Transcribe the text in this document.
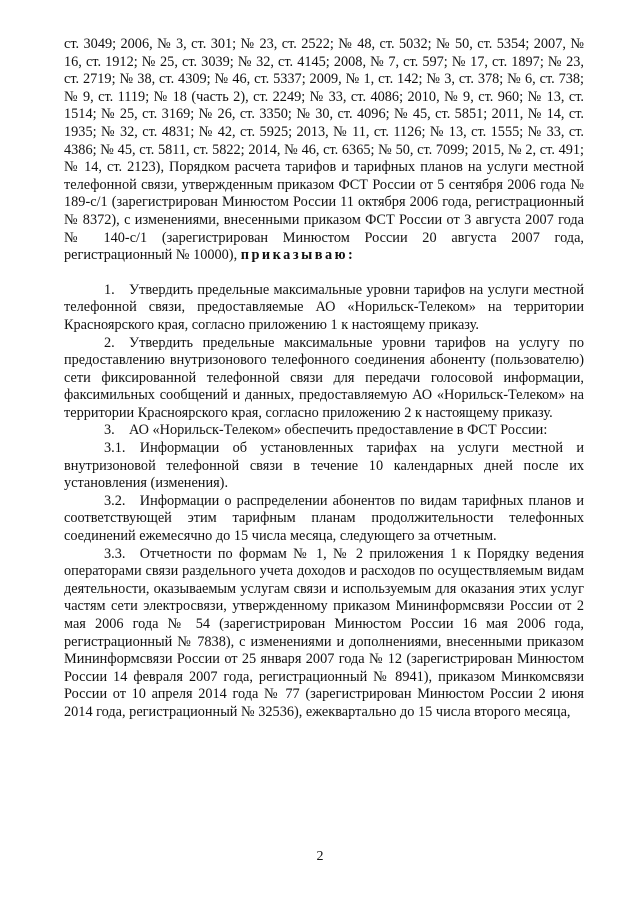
ст. 3049; 2006, № 3, ст. 301; № 23, ст. 2522; № 48, ст. 5032; № 50, ст. 5354; 2007, № 16, ст. 1912; № 25, ст. 3039; № 32, ст. 4145; 2008, № 7, ст. 597; № 17, ст. 1897; № 23, ст. 2719; № 38, ст. 4309; № 46, ст. 5337; 2009, № 1, ст. 142; № 3, ст. 378; № 6, ст. 738; № 9, ст. 1119; № 18 (часть 2), ст. 2249; № 33, ст. 4086; 2010, № 9, ст. 960; № 13, ст. 1514; № 25, ст. 3169; № 26, ст. 3350; № 30, ст. 4096; № 45, ст. 5851; 2011, № 14, ст. 1935; № 32, ст. 4831; № 42, ст. 5925; 2013, № 11, ст. 1126; № 13, ст. 1555; № 33, ст. 4386; № 45, ст. 5811, ст. 5822; 2014, № 46, ст. 6365; № 50, ст. 7099; 2015, № 2, ст. 491; № 14, ст. 2123), Порядком расчета тарифов и тарифных планов на услуги местной телефонной связи, утвержденным приказом ФСТ России от 5 сентября 2006 года № 189-с/1 (зарегистрирован Минюстом России 11 октября 2006 года, регистрационный № 8372), с изменениями, внесенными приказом ФСТ России от 3 августа 2007 года № 140-с/1 (зарегистрирован Минюстом России 20 августа 2007 года, регистрационный № 10000), приказываю:

1. Утвердить предельные максимальные уровни тарифов на услуги местной телефонной связи, предоставляемые АО «Норильск-Телеком» на территории Красноярского края, согласно приложению 1 к настоящему приказу.

2. Утвердить предельные максимальные уровни тарифов на услугу по предоставлению внутризонового телефонного соединения абоненту (пользователю) сети фиксированной телефонной связи для передачи голосовой информации, факсимильных сообщений и данных, предоставляемую АО «Норильск-Телеком» на территории Красноярского края, согласно приложению 2 к настоящему приказу.

3. АО «Норильск-Телеком» обеспечить предоставление в ФСТ России:

3.1. Информации об установленных тарифах на услуги местной и внутризоновой телефонной связи в течение 10 календарных дней после их установления (изменения).

3.2. Информации о распределении абонентов по видам тарифных планов и соответствующей этим тарифным планам продолжительности телефонных соединений ежемесячно до 15 числа месяца, следующего за отчетным.

3.3. Отчетности по формам № 1, № 2 приложения 1 к Порядку ведения операторами связи раздельного учета доходов и расходов по осуществляемым видам деятельности, оказываемым услугам связи и используемым для оказания этих услуг частям сети электросвязи, утвержденному приказом Мининформсвязи России от 2 мая 2006 года № 54 (зарегистрирован Минюстом России 16 мая 2006 года, регистрационный № 7838), с изменениями и дополнениями, внесенными приказом Мининформсвязи России от 25 января 2007 года № 12 (зарегистрирован Минюстом России 14 февраля 2007 года, регистрационный № 8941), приказом Минкомсвязи России от 10 апреля 2014 года № 77 (зарегистрирован Минюстом России 2 июня 2014 года, регистрационный № 32536), ежеквартально до 15 числа второго месяца,

2
